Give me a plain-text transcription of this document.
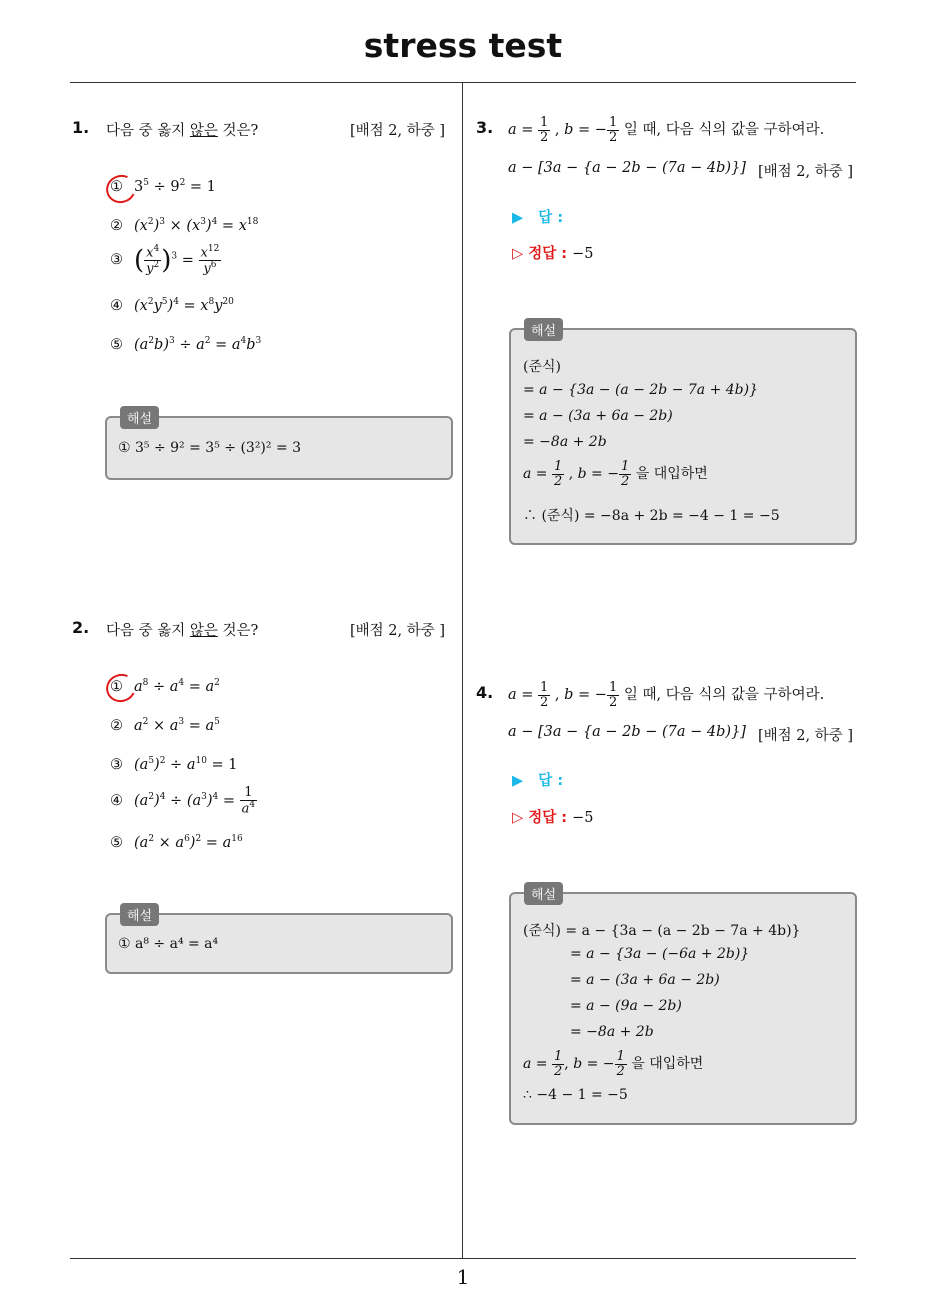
stress test
1
1. 다음 중 옳지 않은 것은?	[배점 2, 하중 ]
① $3^5 \div 9^2 = 1$
② $(x^2)^3 \times (x^3)^4 = x^{18}$
③ ( $\frac{x^4}{y^2} )^3 = \frac{x^{12}}{y^6}$
④ $(x^2y^5)^4 = x^8y^{20}$
⑤ $(a^2b)^3 \div a^2 = a^4b^3$
해설
① 3⁵ ÷ 9² = 3⁵ ÷ (3²)² = 3
2. 다음 중 옳지 않은 것은?	[배점 2, 하중 ]
① $a^8 \div a^4 = a^2$
② $a^2 \times a^3 = a^5$
③ $(a^5)^2 \div a^{10} = 1$
④ $(a^2)^4 \div (a^3)^4 = \frac{1}{a^4}$
⑤ $(a^2 \times a^6)^2 = a^{16}$
해설
① a⁸ ÷ a⁴ = a⁴
3. $a = \frac{1}{2}$ , b = − $\frac{1}{2}$ 일 때, 다음 식의 값을 구하여라.
a − [3a − {a − 2b − (7a − 4b)}] [배점 2, 하중 ]
▶   답 :
▷ 정답 : −5
해설
(준식)
= a − {3a − (a − 2b − 7a + 4b)}
= a − (3a + 6a − 2b)
= −8a + 2b
$a = \frac{1}{2}$ , b = − $\frac{1}{2}$ 을 대입하면
∴ (준식) = −8a + 2b = −4 − 1 = −5
4. $a = \frac{1}{2}$ , b = − $\frac{1}{2}$ 일 때, 다음 식의 값을 구하여라.
a − [3a − {a − 2b − (7a − 4b)}] [배점 2, 하중 ]
▶   답 :
▷ 정답 : −5
해설
(준식) = a − {3a − (a − 2b − 7a + 4b)}
= a − {3a − (−6a + 2b)}
= a − (3a + 6a − 2b)
= a − (9a − 2b)
= −8a + 2b
$a = \frac{1}{2}$ , b = − $\frac{1}{2}$ 을 대입하면
∴ −4 − 1 = −5
